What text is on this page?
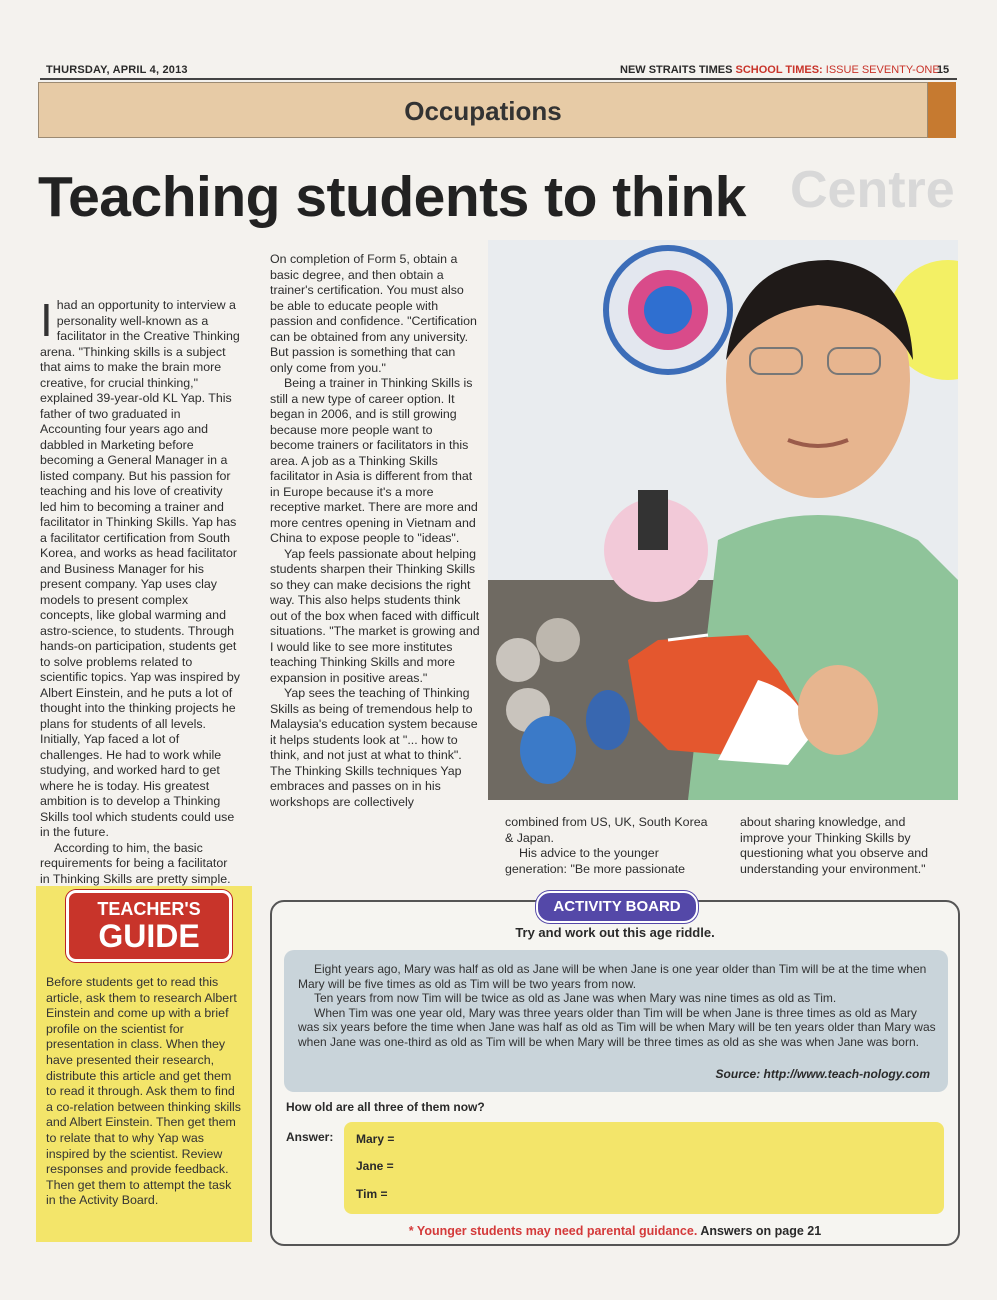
THURSDAY, APRIL 4, 2013	NEW STRAITS TIMES SCHOOL TIMES: ISSUE SEVENTY-ONE
15
Occupations
Centre
Teaching students to think

Ihad an opportunity to interview a personality well-known as a facilitator in the Creative Thinking arena. "Thinking skills is a subject that aims to make the brain more creative, for crucial thinking," explained 39-year-old KL Yap. This father of two graduated in Accounting four years ago and dabbled in Marketing before becoming a General Manager in a listed company. But his passion for teaching and his love of creativity led him to becoming a trainer and facilitator in Thinking Skills. Yap has a facilitator certification from South Korea, and works as head facilitator and Business Manager for his present company. Yap uses clay models to present complex concepts, like global warming and astro-science, to students. Through hands-on participation, students get to solve problems related to scientific topics. Yap was inspired by Albert Einstein, and he puts a lot of thought into the thinking projects he plans for students of all levels. Initially, Yap faced a lot of challenges. He had to work while studying, and worked hard to get where he is today. His greatest ambition is to develop a Thinking Skills tool which students could use in the future.

According to him, the basic requirements for being a facilitator in Thinking Skills are pretty simple.

On completion of Form 5, obtain a basic degree, and then obtain a trainer's certification. You must also be able to educate people with passion and confidence. "Certification can be obtained from any university. But passion is something that can only come from you."

Being a trainer in Thinking Skills is still a new type of career option. It began in 2006, and is still growing because more people want to become trainers or facilitators in this area. A job as a Thinking Skills facilitator in Asia is different from that in Europe because it's a more receptive market. There are more and more centres opening in Vietnam and China to expose people to "ideas".

Yap feels passionate about helping students sharpen their Thinking Skills so they can make decisions the right way. This also helps students think out of the box when faced with difficult situations. "The market is growing and I would like to see more institutes teaching Thinking Skills and more expansion in positive areas."

Yap sees the teaching of Thinking Skills as being of tremendous help to Malaysia's education system because it helps students look at "... how to think, and not just at what to think". The Thinking Skills techniques Yap embraces and passes on in his workshops are collectively

combined from US, UK, South Korea & Japan.

His advice to the younger generation: "Be more passionate

about sharing knowledge, and improve your Thinking Skills by questioning what you observe and understanding your environment."

TEACHER'S
GUIDE
Before students get to read this article, ask them to research Albert Einstein and come up with a brief profile on the scientist for presentation in class. When they have presented their research, distribute this article and get them to read it through. Ask them to find a co-relation between thinking skills and Albert Einstein. Then get them to relate that to why Yap was inspired by the scientist. Review responses and provide feedback. Then get them to attempt the task in the Activity Board.
ACTIVITY BOARD
Try and work out this age riddle.

Eight years ago, Mary was half as old as Jane will be when Jane is one year older than Tim will be at the time when Mary will be five times as old as Tim will be two years from now.

Ten years from now Tim will be twice as old as Jane was when Mary was nine times as old as Tim.

When Tim was one year old, Mary was three years older than Tim will be when Jane is three times as old as Mary was six years before the time when Jane was half as old as Tim will be when Mary will be ten years older than Mary was when Jane was one-third as old as Tim will be when Mary will be three times as old as she was when Jane was born.

Source: http://www.teach-nology.com
How old are all three of them now?
Answer: Mary =
Jane =
Tim =
* Younger students may need parental guidance. Answers on page 21
